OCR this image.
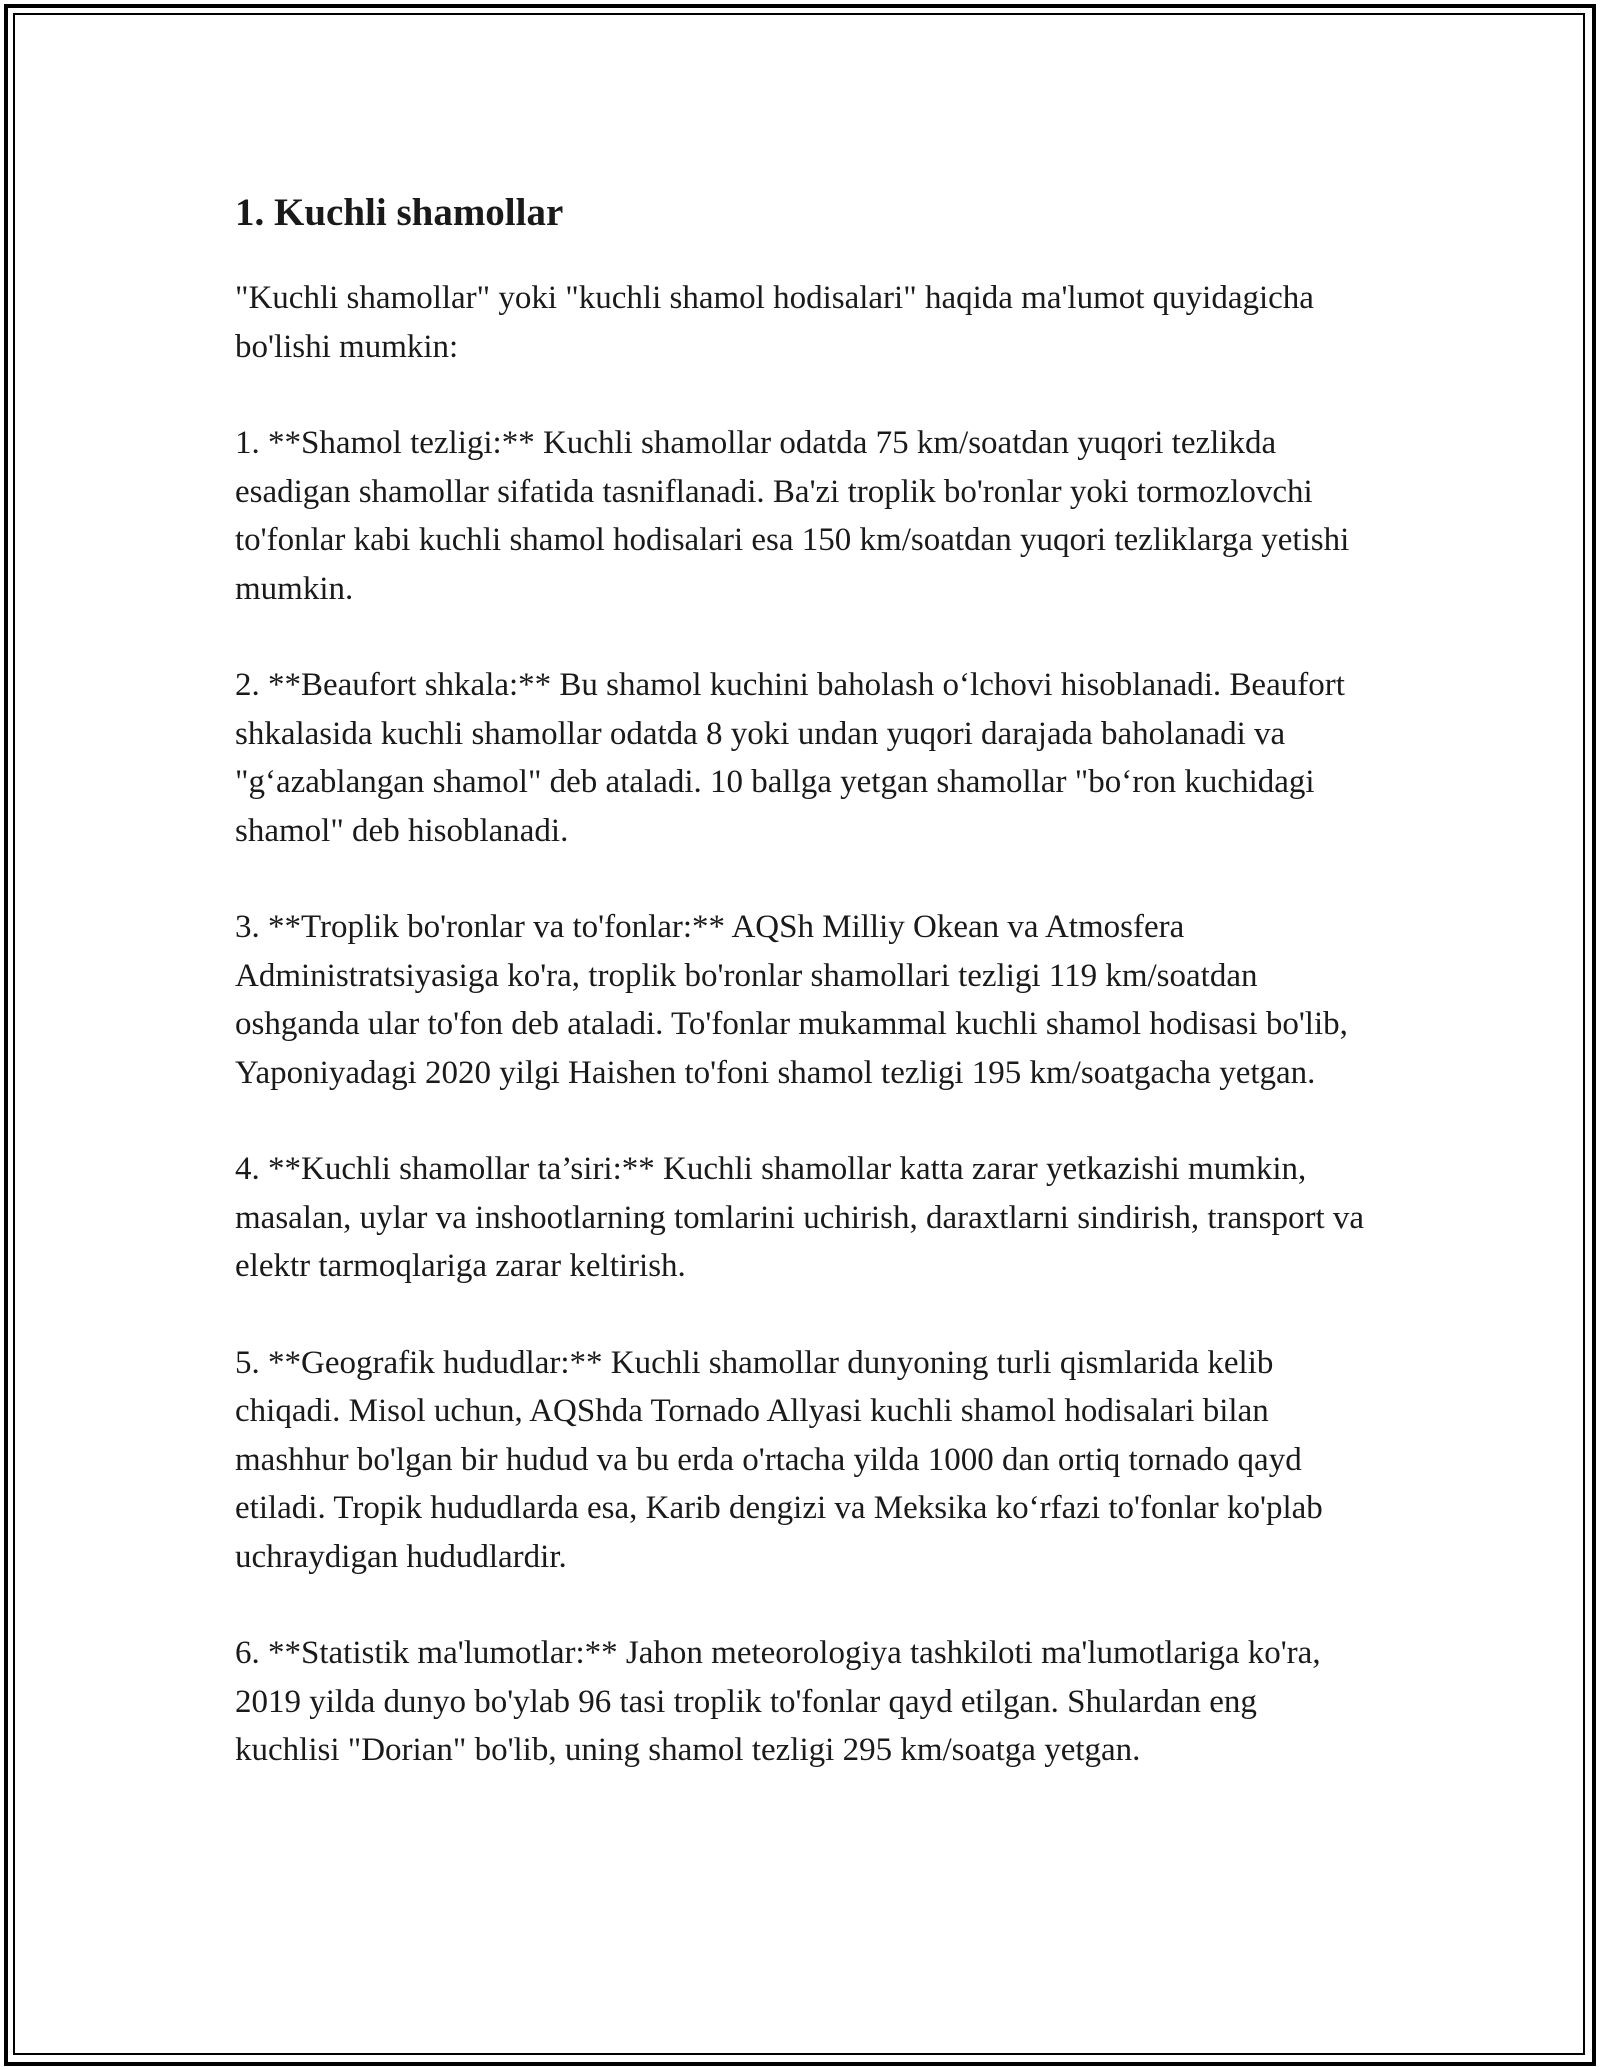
1. Kuchli shamollar

"Kuchli shamollar" yoki "kuchli shamol hodisalari" haqida ma'lumot quyidagicha bo'lishi mumkin:

1. **Shamol tezligi:** Kuchli shamollar odatda 75 km/soatdan yuqori tezlikda esadigan shamollar sifatida tasniflanadi. Ba'zi troplik bo'ronlar yoki tormozlovchi to'fonlar kabi kuchli shamol hodisalari esa 150 km/soatdan yuqori tezliklarga yetishi mumkin.

2. **Beaufort shkala:** Bu shamol kuchini baholash o‘lchovi hisoblanadi. Beaufort shkalasida kuchli shamollar odatda 8 yoki undan yuqori darajada baholanadi va "g‘azablangan shamol" deb ataladi. 10 ballga yetgan shamollar "bo‘ron kuchidagi shamol" deb hisoblanadi.

3. **Troplik bo'ronlar va to'fonlar:** AQSh Milliy Okean va Atmosfera Administratsiyasiga ko'ra, troplik bo'ronlar shamollari tezligi 119 km/soatdan oshganda ular to'fon deb ataladi. To'fonlar mukammal kuchli shamol hodisasi bo'lib, Yaponiyadagi 2020 yilgi Haishen to'foni shamol tezligi 195 km/soatgacha yetgan.

4. **Kuchli shamollar ta’siri:** Kuchli shamollar katta zarar yetkazishi mumkin, masalan, uylar va inshootlarning tomlarini uchirish, daraxtlarni sindirish, transport va elektr tarmoqlariga zarar keltirish.

5. **Geografik hududlar:** Kuchli shamollar dunyoning turli qismlarida kelib chiqadi. Misol uchun, AQShda Tornado Allyasi kuchli shamol hodisalari bilan mashhur bo'lgan bir hudud va bu erda o'rtacha yilda 1000 dan ortiq tornado qayd etiladi. Tropik hududlarda esa, Karib dengizi va Meksika ko‘rfazi to'fonlar ko'plab uchraydigan hududlardir.

6. **Statistik ma'lumotlar:** Jahon meteorologiya tashkiloti ma'lumotlariga ko'ra, 2019 yilda dunyo bo'ylab 96 tasi troplik to'fonlar qayd etilgan. Shulardan eng kuchlisi "Dorian" bo'lib, uning shamol tezligi 295 km/soatga yetgan.
